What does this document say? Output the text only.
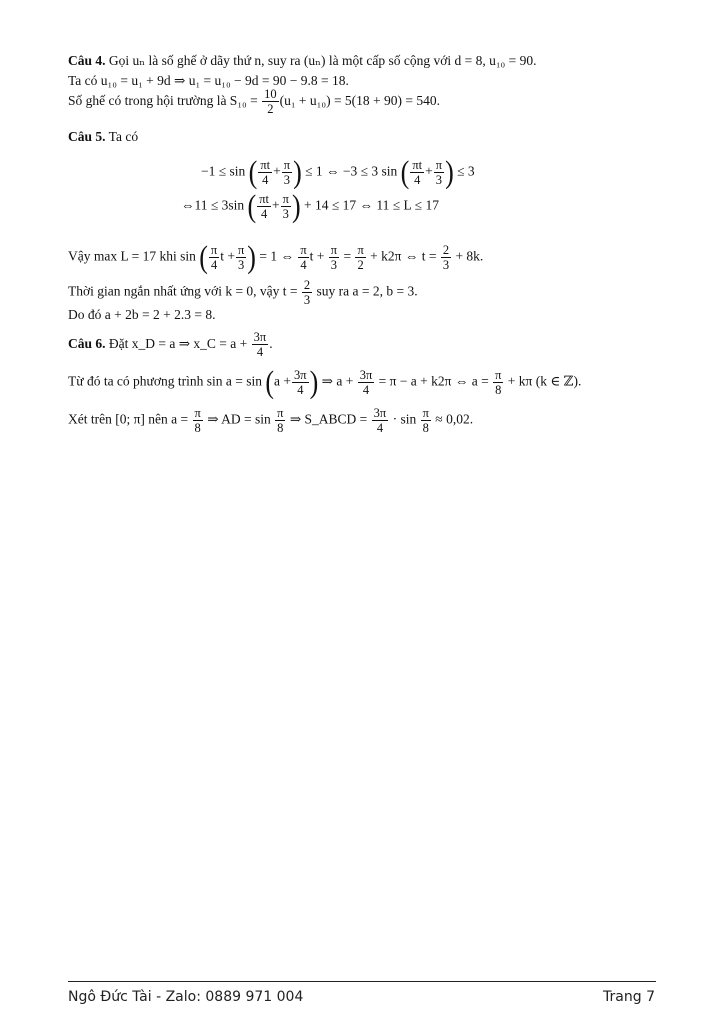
Câu 4. Gọi uₙ là số ghế ở dãy thứ n, suy ra (uₙ) là một cấp số cộng với d = 8, u₁₀ = 90.
Ta có u₁₀ = u₁ + 9d ⇒ u₁ = u₁₀ − 9d = 90 − 9.8 = 18.
Số ghế có trong hội trường là $S_{10} = \frac{10}{2} (u_1 + u_{10}) = 5(18 + 90) = 540$.
Câu 5. Ta có
−1 ≤ sin ( $\frac{\pi t}{4} + \frac{\pi}{3}$ ) ≤ 1 ⇔ −3 ≤ 3 sin ( $\frac{\pi t}{4} + \frac{\pi}{3}$ ) ≤ 3
⇔11 ≤ 3sin ( $\frac{\pi t}{4} + \frac{\pi}{3}$ ) + 14 ≤ 17 ⇔ 11 ≤ L ≤ 17
Vậy max L = 17 khi sin ( $\frac{\pi}{4}$ $t + \frac{\pi}{3}$ ) = 1 ⇔ $\frac{\pi}{4}$ $t + \frac{\pi}{3} = \frac{\pi}{2} + k2\pi$ ⇔ $t = \frac{2}{3} + 8k$.
Thời gian ngắn nhất ứng với k = 0, vậy $t = \frac{2}{3}$ suy ra a = 2, b = 3.
Do đó a + 2b = 2 + 2.3 = 8.
Câu 6. Đặt x_D = a ⇒ x_C = $a + \frac{3\pi}{4}$ .
Từ đó ta có phương trình $\sin a = \sin (a + \frac{3\pi}{4}$ ) ⇒ $a + \frac{3\pi}{4} = \pi - a + k2\pi$ ⇔ $a = \frac{\pi}{8} + k\pi$ (k ∈ ℤ).
Xét trên [0; π] nên $a = \frac{\pi}{8}$ ⇒ AD = $\sin \frac{\pi}{8}$ ⇒ S_ABCD = $\frac{3\pi}{4} \cdot \sin \frac{\pi}{8} \approx 0,02$.
Ngô Đức Tài - Zalo: 0889 971 004	Trang 7
